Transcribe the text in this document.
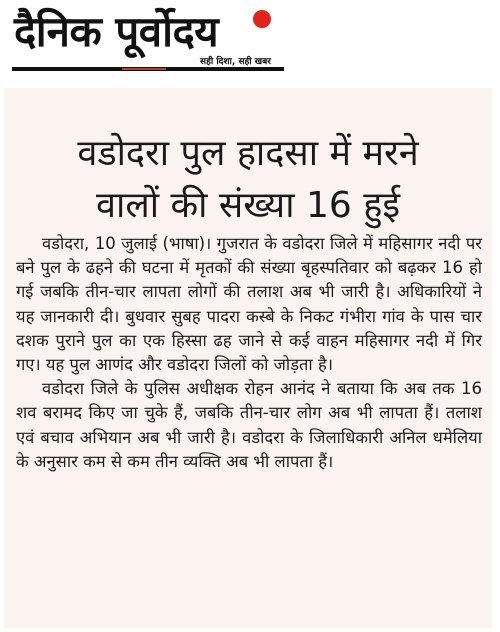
दैनिक पूर्वोदय
सही दिशा, सही खबर
वडोदरा पुल हादसा में मरने
वालों की संख्या 16 हुई

वडोदरा, 10 जुलाई (भाषा)। गुजरात के वडोदरा जिले में महिसागर नदी पर बने पुल के ढहने की घटना में मृतकों की संख्या बृहस्पतिवार को बढ़कर 16 हो गई जबकि तीन-चार लापता लोगों की तलाश अब भी जारी है। अधिकारियों ने यह जानकारी दी। बुधवार सुबह पादरा कस्बे के निकट गंभीरा गांव के पास चार दशक पुराने पुल का एक हिस्सा ढह जाने से कई वाहन महिसागर नदी में गिर गए। यह पुल आणंद और वडोदरा जिलों को जोड़ता है।

वडोदरा जिले के पुलिस अधीक्षक रोहन आनंद ने बताया कि अब तक 16 शव बरामद किए जा चुके हैं, जबकि तीन-चार लोग अब भी लापता हैं। तलाश एवं बचाव अभियान अब भी जारी है। वडोदरा के जिलाधिकारी अनिल धमेलिया के अनुसार कम से कम तीन व्यक्ति अब भी लापता हैं।
